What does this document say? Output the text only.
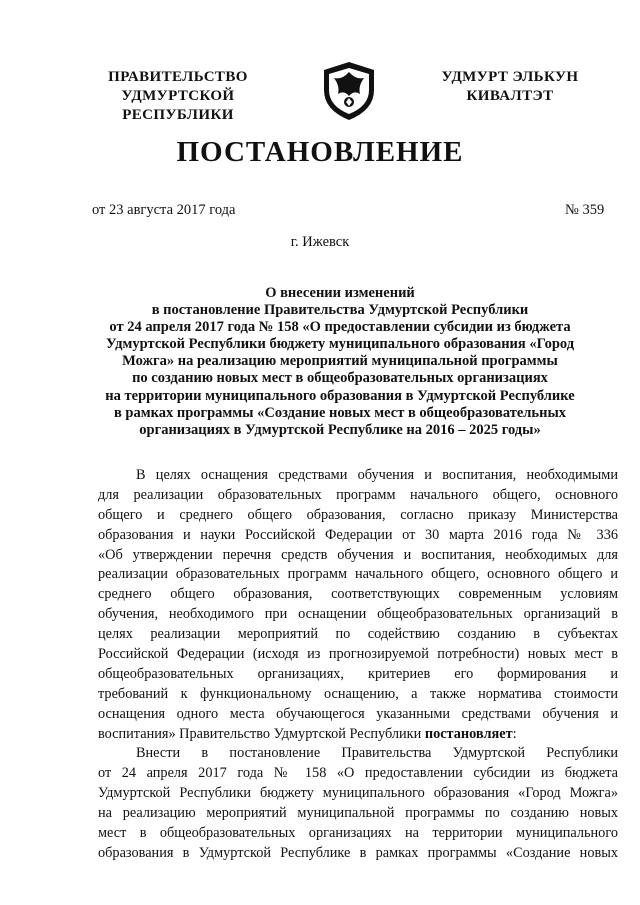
ПРАВИТЕЛЬСТВО
УДМУРТСКОЙ РЕСПУБЛИКИ
УДМУРТ ЭЛЬКУН
КИВАЛТЭТ
ПОСТАНОВЛЕНИЕ
от 23 августа 2017 года	№ 359
г. Ижевск
О внесении изменений
в постановление Правительства Удмуртской Республики
от 24 апреля 2017 года № 158 «О предоставлении субсидии из бюджета
Удмуртской Республики бюджету муниципального образования «Город
Можга» на реализацию мероприятий муниципальной программы
по созданию новых мест в общеобразовательных организациях
на территории муниципального образования в Удмуртской Республике
в рамках программы «Создание новых мест в общеобразовательных
организациях в Удмуртской Республике на 2016 – 2025 годы»
В целях оснащения средствами обучения и воспитания, необходимыми
для реализации образовательных программ начального общего, основного
общего и среднего общего образования, согласно приказу Министерства
образования и науки Российской Федерации от 30 марта 2016 года № 336
«Об утверждении перечня средств обучения и воспитания, необходимых для
реализации образовательных программ начального общего, основного общего и
среднего общего образования, соответствующих современным условиям
обучения, необходимого при оснащении общеобразовательных организаций в
целях реализации мероприятий по содействию созданию в субъектах
Российской Федерации (исходя из прогнозируемой потребности) новых мест в
общеобразовательных организациях, критериев его формирования и
требований к функциональному оснащению, а также норматива стоимости
оснащения одного места обучающегося указанными средствами обучения и
воспитания» Правительство Удмуртской Республики постановляет:
Внести в постановление Правительства Удмуртской Республики
от 24 апреля 2017 года № 158 «О предоставлении субсидии из бюджета
Удмуртской Республики бюджету муниципального образования «Город Можга»
на реализацию мероприятий муниципальной программы по созданию новых
мест в общеобразовательных организациях на территории муниципального
образования в Удмуртской Республике в рамках программы «Создание новых
